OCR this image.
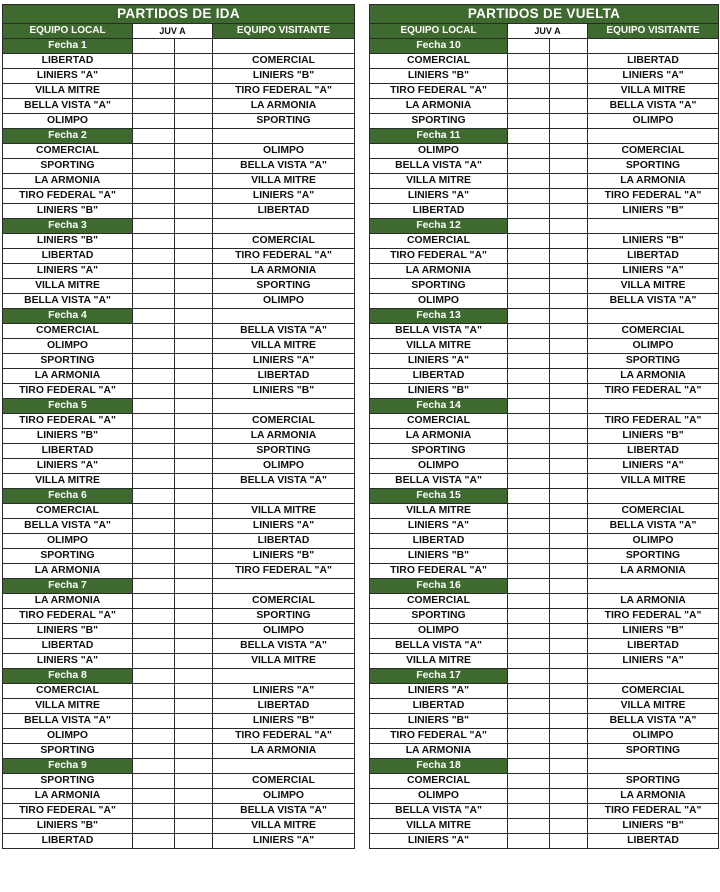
PARTIDOS DE IDA			
EQUIPO LOCAL	JUV A		EQUIPO VISITANTE
Fecha 1			
LIBERTAD			COMERCIAL
LINIERS "A"			LINIERS "B"
VILLA MITRE			TIRO FEDERAL "A"
BELLA VISTA "A"			LA ARMONIA
OLIMPO			SPORTING
Fecha 2			
COMERCIAL			OLIMPO
SPORTING			BELLA VISTA "A"
LA ARMONIA			VILLA MITRE
TIRO FEDERAL "A"			LINIERS "A"
LINIERS "B"			LIBERTAD
Fecha 3			
LINIERS "B"			COMERCIAL
LIBERTAD			TIRO FEDERAL "A"
LINIERS "A"			LA ARMONIA
VILLA MITRE			SPORTING
BELLA VISTA "A"			OLIMPO
Fecha 4			
COMERCIAL			BELLA VISTA "A"
OLIMPO			VILLA MITRE
SPORTING			LINIERS "A"
LA ARMONIA			LIBERTAD
TIRO FEDERAL "A"			LINIERS "B"
Fecha 5			
TIRO FEDERAL "A"			COMERCIAL
LINIERS "B"			LA ARMONIA
LIBERTAD			SPORTING
LINIERS "A"			OLIMPO
VILLA MITRE			BELLA VISTA "A"
Fecha 6			
COMERCIAL			VILLA MITRE
BELLA VISTA "A"			LINIERS "A"
OLIMPO			LIBERTAD
SPORTING			LINIERS "B"
LA ARMONIA			TIRO FEDERAL "A"
Fecha 7			
LA ARMONIA			COMERCIAL
TIRO FEDERAL "A"			SPORTING
LINIERS "B"			OLIMPO
LIBERTAD			BELLA VISTA "A"
LINIERS "A"			VILLA MITRE
Fecha 8			
COMERCIAL			LINIERS "A"
VILLA MITRE			LIBERTAD
BELLA VISTA "A"			LINIERS "B"
OLIMPO			TIRO FEDERAL "A"
SPORTING			LA ARMONIA
Fecha 9			
SPORTING			COMERCIAL
LA ARMONIA			OLIMPO
TIRO FEDERAL "A"			BELLA VISTA "A"
LINIERS "B"			VILLA MITRE
LIBERTAD			LINIERS "A"
PARTIDOS DE VUELTA			
EQUIPO LOCAL	JUV A		EQUIPO VISITANTE
Fecha 10			
COMERCIAL			LIBERTAD
LINIERS "B"			LINIERS "A"
TIRO FEDERAL "A"			VILLA MITRE
LA ARMONIA			BELLA VISTA "A"
SPORTING			OLIMPO
Fecha 11			
OLIMPO			COMERCIAL
BELLA VISTA "A"			SPORTING
VILLA MITRE			LA ARMONIA
LINIERS "A"			TIRO FEDERAL "A"
LIBERTAD			LINIERS "B"
Fecha 12			
COMERCIAL			LINIERS "B"
TIRO FEDERAL "A"			LIBERTAD
LA ARMONIA			LINIERS "A"
SPORTING			VILLA MITRE
OLIMPO			BELLA VISTA "A"
Fecha 13			
BELLA VISTA "A"			COMERCIAL
VILLA MITRE			OLIMPO
LINIERS "A"			SPORTING
LIBERTAD			LA ARMONIA
LINIERS "B"			TIRO FEDERAL "A"
Fecha 14			
COMERCIAL			TIRO FEDERAL "A"
LA ARMONIA			LINIERS "B"
SPORTING			LIBERTAD
OLIMPO			LINIERS "A"
BELLA VISTA "A"			VILLA MITRE
Fecha 15			
VILLA MITRE			COMERCIAL
LINIERS "A"			BELLA VISTA "A"
LIBERTAD			OLIMPO
LINIERS "B"			SPORTING
TIRO FEDERAL "A"			LA ARMONIA
Fecha 16			
COMERCIAL			LA ARMONIA
SPORTING			TIRO FEDERAL "A"
OLIMPO			LINIERS "B"
BELLA VISTA "A"			LIBERTAD
VILLA MITRE			LINIERS "A"
Fecha 17			
LINIERS "A"			COMERCIAL
LIBERTAD			VILLA MITRE
LINIERS "B"			BELLA VISTA "A"
TIRO FEDERAL "A"			OLIMPO
LA ARMONIA			SPORTING
Fecha 18			
COMERCIAL			SPORTING
OLIMPO			LA ARMONIA
BELLA VISTA "A"			TIRO FEDERAL "A"
VILLA MITRE			LINIERS "B"
LINIERS "A"			LIBERTAD
